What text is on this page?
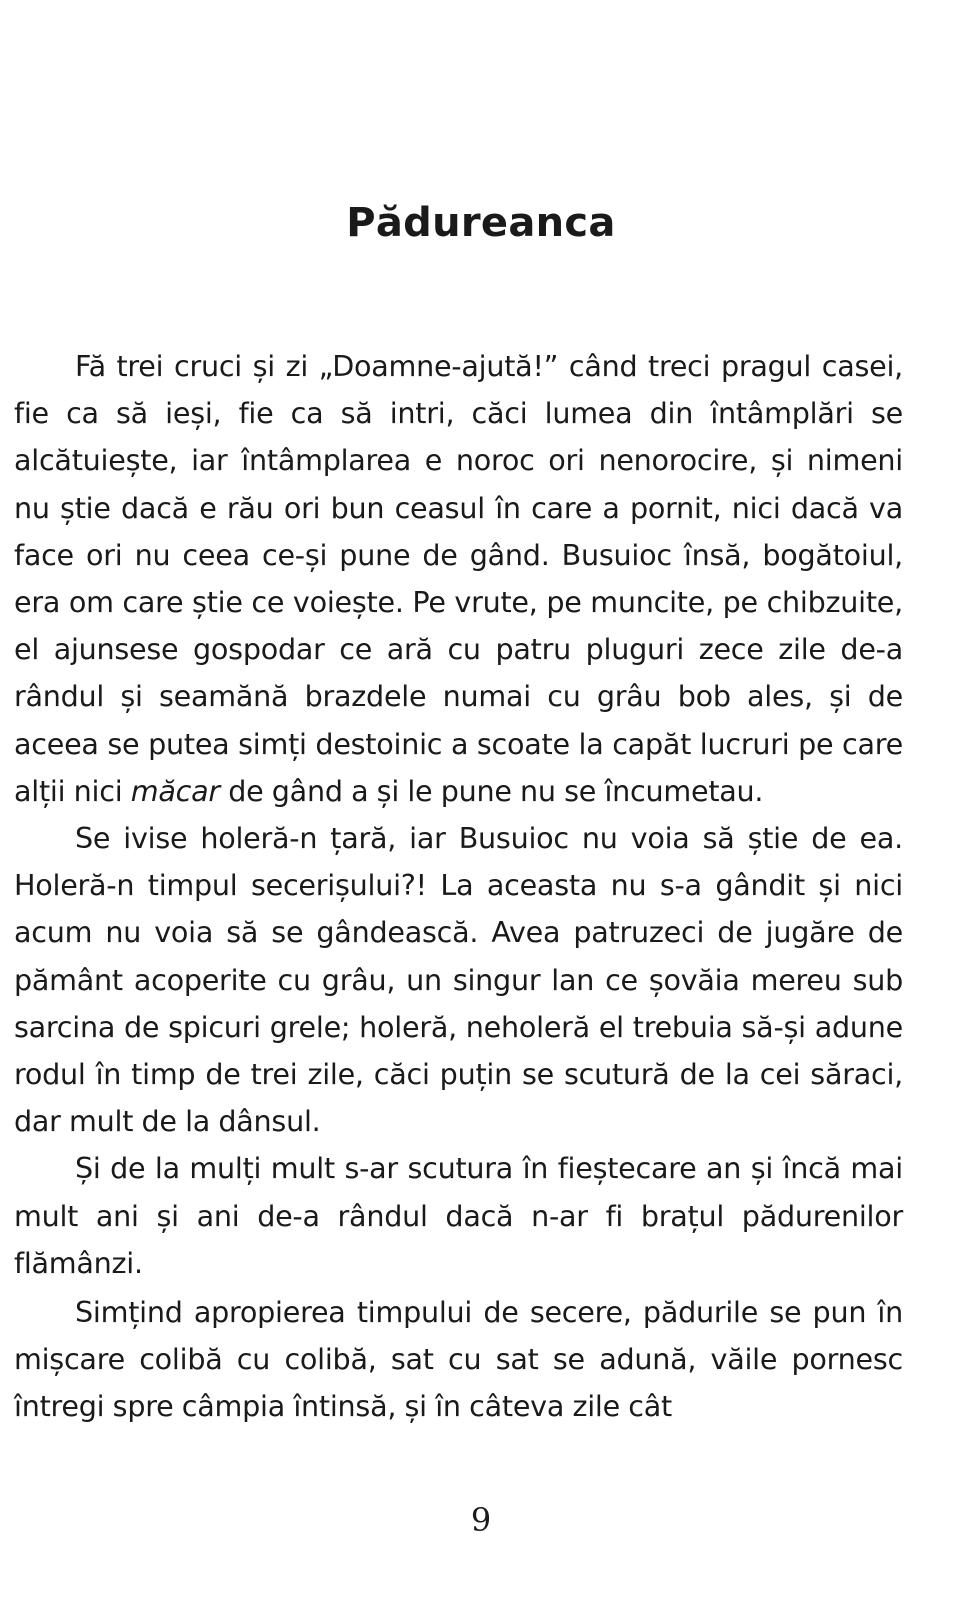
Pădureanca

Fă trei cruci și zi „Doamne-ajută!” când treci pragul casei, fie ca să ieși, fie ca să intri, căci lumea din întâmplări se alcătuiește, iar întâmplarea e noroc ori nenorocire, și nimeni nu știe dacă e rău ori bun ceasul în care a pornit, nici dacă va face ori nu ceea ce-și pune de gând. Busuioc însă, bogătoiul, era om care știe ce voiește. Pe vrute, pe muncite, pe chibzuite, el ajunsese gospodar ce ară cu patru pluguri zece zile de-a rândul și seamănă brazdele numai cu grâu bob ales, și de aceea se putea simți destoinic a scoate la capăt lucruri pe care alții nici măcar de gând a și le pune nu se încumetau.

Se ivise holeră-n țară, iar Busuioc nu voia să știe de ea. Holeră-n timpul secerișului?! La aceasta nu s-a gândit și nici acum nu voia să se gândească. Avea patruzeci de jugăre de pământ acoperite cu grâu, un singur lan ce șovăia mereu sub sarcina de spicuri grele; holeră, neholeră el trebuia să-și adune rodul în timp de trei zile, căci puțin se scutură de la cei săraci, dar mult de la dânsul.

Și de la mulți mult s-ar scutura în fieștecare an și încă mai mult ani și ani de-a rândul dacă n-ar fi brațul pădurenilor flămânzi.

Simțind apropierea timpului de secere, pădurile se pun în mișcare colibă cu colibă, sat cu sat se adună, văile pornesc întregi spre câmpia întinsă, și în câteva zile cât

9
